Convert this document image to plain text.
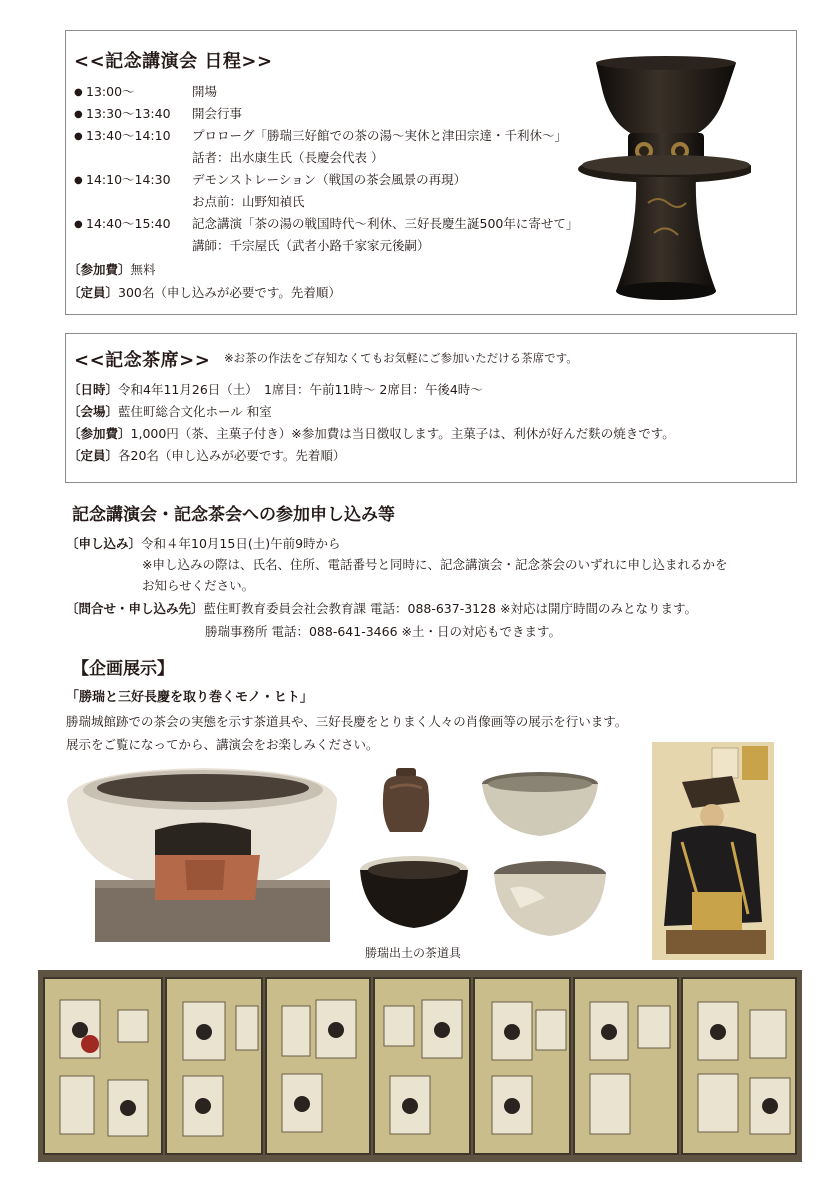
<<記念講演会 日程>>
● 13:00～	開場
● 13:30～13:40 開会行事
● 13:40～14:10 プロローグ「勝瑞三好館での茶の湯～実休と津田宗達・千利休～」
話者：出水康生氏（長慶会代表 ）
● 14:10～14:30 デモンストレーション（戦国の茶会風景の再現）
お点前：山野知禎氏
● 14:40～15:40 記念講演「茶の湯の戦国時代～利休、三好長慶生誕500年に寄せて」
講師：千宗屋氏（武者小路千家家元後嗣）
〔参加費〕無料
〔定員〕300名（申し込みが必要です。先着順）
<<記念茶席>> ※お茶の作法をご存知なくてもお気軽にご参加いただける茶席です。
〔日時〕令和4年11月26日（土）　1席目：午前11時～ 2席目：午後4時～
〔会場〕藍住町総合文化ホール 和室
〔参加費〕1,000円（茶、主菓子付き）※参加費は当日徴収します。主菓子は、利休が好んだ麩の焼きです。
〔定員〕各20名（申し込みが必要です。先着順）
記念講演会・記念茶会への参加申し込み等
〔申し込み〕令和４年10月15日(土)午前9時から
※申し込みの際は、氏名、住所、電話番号と同時に、記念講演会・記念茶会のいずれに申し込まれるかを
お知らせください。
〔問合せ・申し込み先〕藍住町教育委員会社会教育課 電話：088-637-3128 ※対応は開庁時間のみとなります。
勝瑞事務所 電話：088-641-3466 ※土・日の対応もできます。
【企画展示】
「勝瑞と三好長慶を取り巻くモノ・ヒト」
勝瑞城館跡での茶会の実態を示す茶道具や、三好長慶をとりまく人々の肖像画等の展示を行います。
展示をご覧になってから、講演会をお楽しみください。
勝瑞出土の茶道具
